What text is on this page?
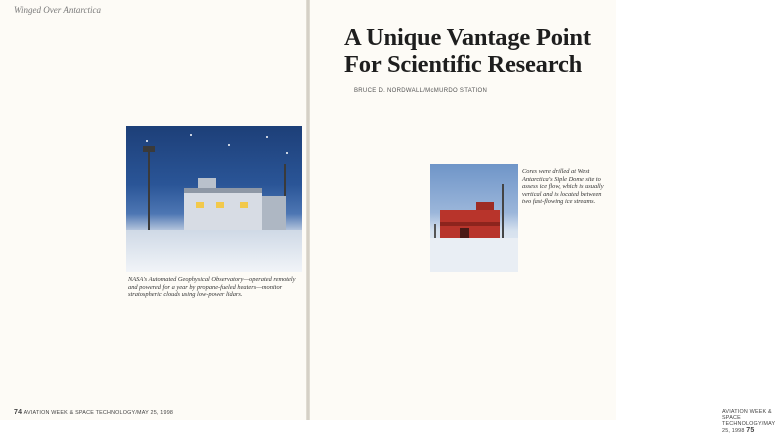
Winged Over Antarctica

NASA's Automated Geophysical Observatory—operated remotely and powered for a year by propane-fueled heaters—monitor stratospheric clouds using low-power lidars.

74 AVIATION WEEK & SPACE TECHNOLOGY/MAY 25, 1998
A Unique Vantage Point For Scientific Research
BRUCE D. NORDWALL/McMURDO STATION

Cores were drilled at West Antarctica's Siple Dome site to assess ice flow, which is usually vertical and is located between two fast-flowing ice streams.

AVIATION WEEK & SPACE TECHNOLOGY/MAY 25, 1998 75
